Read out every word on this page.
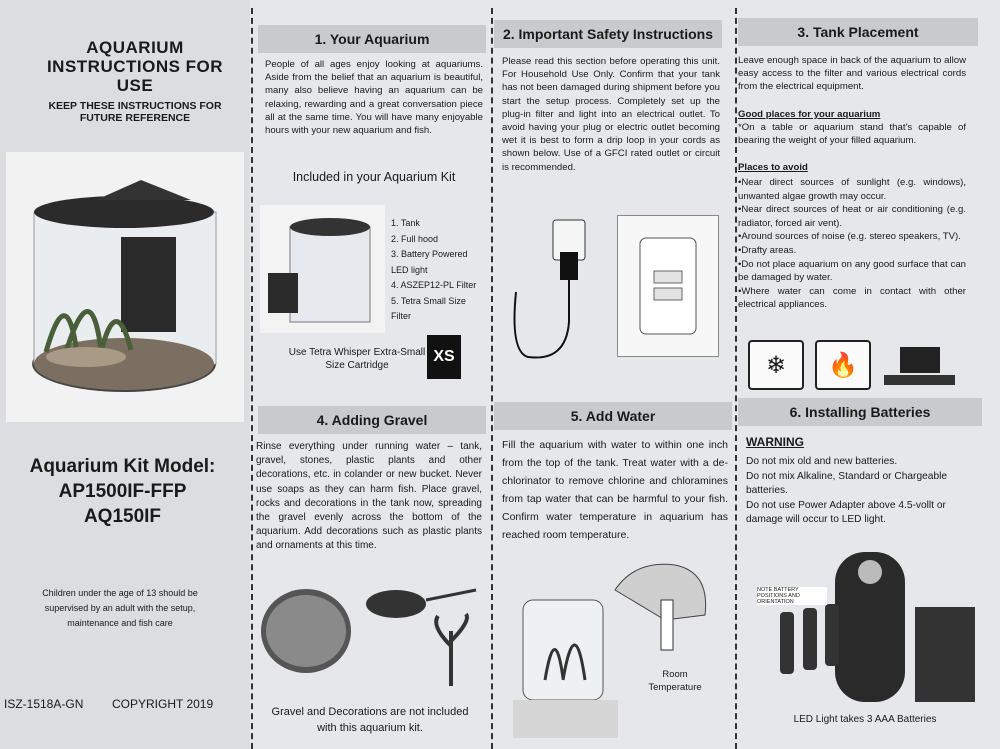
AQUARIUM INSTRUCTIONS FOR USE
KEEP THESE INSTRUCTIONS FOR FUTURE REFERENCE
Aquarium Kit Model:
AP1500IF-FFP
AQ150IF
Children under the age of 13 should be supervised by an adult with the setup, maintenance and fish care
ISZ-1518A-GN COPYRIGHT 2019
1. Your Aquarium
People of all ages enjoy looking at aquariums. Aside from the belief that an aquarium is beautiful, many also believe having an aquarium can be relaxing, rewarding and a great conversation piece all at the same time. You will have many enjoyable hours with your new aquarium and fish.
Included in your Aquarium Kit
1. Tank
2. Full hood
3. Battery Powered LED light
4. ASZEP12-PL Filter
5. Tetra Small Size Filter
Use Tetra Whisper Extra-Small Size Cartridge
XS
2. Important Safety Instructions
Please read this section before operating this unit. For Household Use Only. Confirm that your tank has not been damaged during shipment before you start the setup process. Completely set up the plug-in filter and light into an electrical outlet. To avoid having your plug or electric outlet becoming wet it is best to form a drip loop in your cords as shown below. Use of a GFCI rated outlet or circuit is recommended.
3. Tank Placement
Leave enough space in back of the aquarium to allow easy access to the filter and various electrical cords from the electrical equipment.
Good places for your aquarium
*On a table or aquarium stand that's capable of bearing the weight of your filled aquarium.
Places to avoid
•Near direct sources of sunlight (e.g. windows), unwanted algae growth may occur.
•Near direct sources of heat or air conditioning (e.g. radiator, forced air vent).
•Around sources of noise (e.g. stereo speakers, TV).
•Drafty areas.
•Do not place aquarium on any good surface that can be damaged by water.
•Where water can come in contact with other electrical appliances.
❄	🔥
4. Adding Gravel
Rinse everything under running water – tank, gravel, stones, plastic plants and other decorations, etc. in colander or new bucket. Never use soaps as they can harm fish. Place gravel, rocks and decorations in the tank now, spreading the gravel evenly across the bottom of the aquarium. Add decorations such as plastic plants and ornaments at this time.
Gravel and Decorations are not included with this aquarium kit.
5. Add Water
Fill the aquarium with water to within one inch from the top of the tank. Treat water with a de-chlorinator to remove chlorine and chloramines from tap water that can be harmful to your fish. Confirm water temperature in aquarium has reached room temperature.
Room Temperature
6. Installing Batteries
WARNING
Do not mix old and new batteries.
Do not mix Alkaline, Standard or Chargeable batteries.
Do not use Power Adapter above 4.5-vollt or damage will occur to LED light.
NOTE BATTERY POSITIONS AND ORIENTATION
LED Light takes 3 AAA Batteries
